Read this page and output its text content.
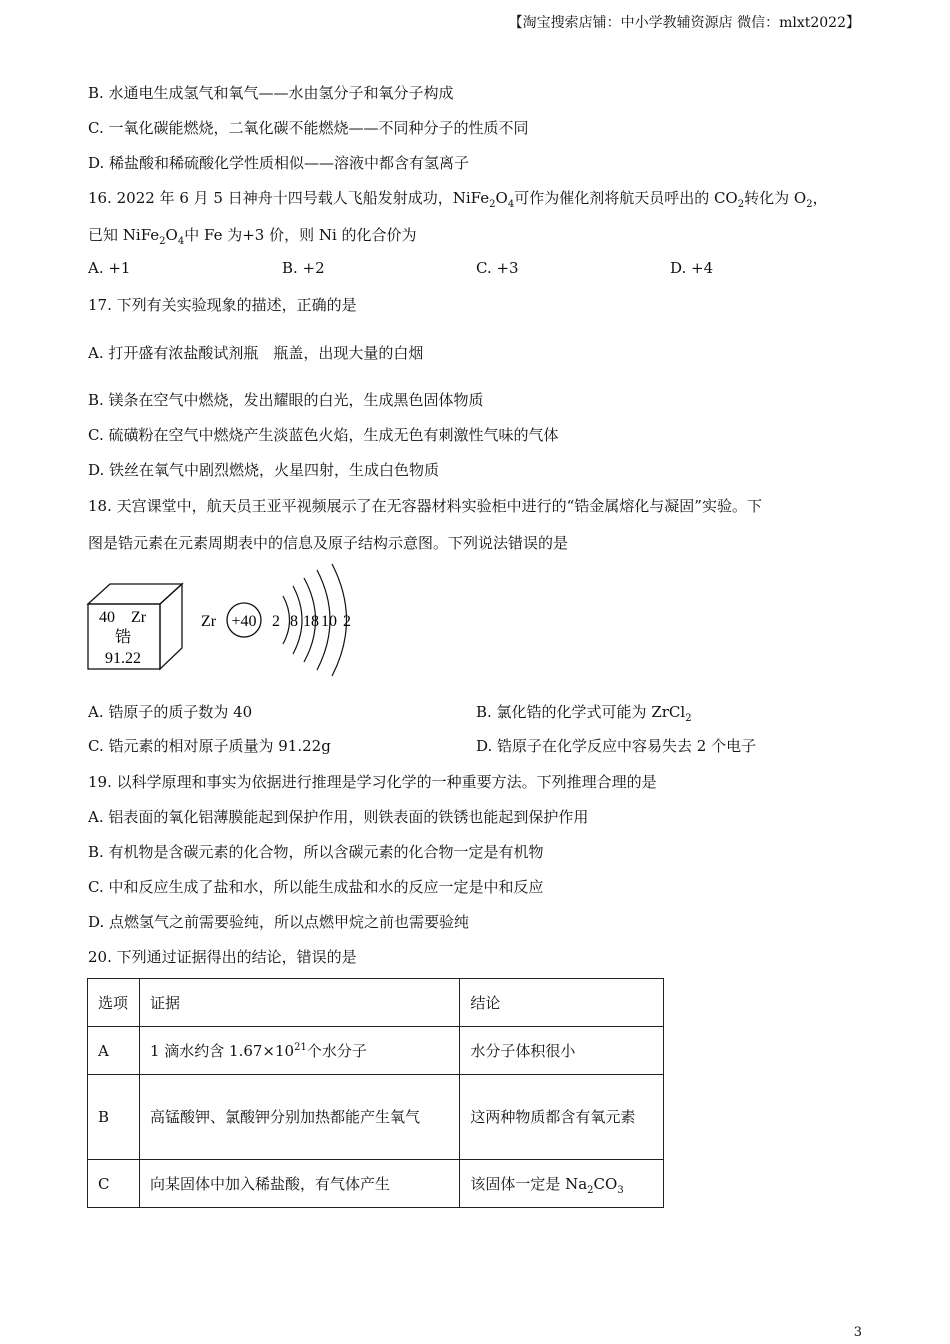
【淘宝搜索店铺：中小学教辅资源店 微信：mlxt2022】
B. 水通电生成氢气和氧气——水由氢分子和氧分子构成
C. 一氧化碳能燃烧，二氧化碳不能燃烧——不同种分子的性质不同
D. 稀盐酸和稀硫酸化学性质相似——溶液中都含有氢离子
16. 2022 年 6 月 5 日神舟十四号载人飞船发射成功，$NiFe_2O_4$可作为催化剂将航天员呼出的 $CO_2$转化为 $O_2$，
已知 $NiFe_2O_4$中 Fe 为+3 价，则 Ni 的化合价为
A. +1	B. +2	C. +3	D. +4
17. 下列有关实验现象的描述，正确的是
A. 打开盛有浓盐酸试剂瓶　瓶盖，出现大量的白烟
B. 镁条在空气中燃烧，发出耀眼的白光，生成黑色固体物质
C. 硫磺粉在空气中燃烧产生淡蓝色火焰，生成无色有刺激性气味的气体
D. 铁丝在氧气中剧烈燃烧，火星四射，生成白色物质
18. 天宫课堂中，航天员王亚平视频展示了在无容器材料实验柜中进行的“锆金属熔化与凝固”实验。下
图是锆元素在元素周期表中的信息及原子结构示意图。下列说法错误的是
40 Zr
锆
91.22
Zr +40 2 8 18 10 2
A. 锆原子的质子数为 40	B. 氯化锆的化学式可能为 ZrCl$_2$
C. 锆元素的相对原子质量为 91.22g	D. 锆原子在化学反应中容易失去 2 个电子
19. 以科学原理和事实为依据进行推理是学习化学的一种重要方法。下列推理合理的是
A. 铝表面的氧化铝薄膜能起到保护作用，则铁表面的铁锈也能起到保护作用
B. 有机物是含碳元素的化合物，所以含碳元素的化合物一定是有机物
C. 中和反应生成了盐和水，所以能生成盐和水的反应一定是中和反应
D. 点燃氢气之前需要验纯，所以点燃甲烷之前也需要验纯
20. 下列通过证据得出的结论，错误的是
选项	证据	结论
A	1 滴水约含 $1.67\times 10^{21}$个水分子	水分子体积很小
B	高锰酸钾、氯酸钾分别加热都能产生氧气	这两种物质都含有氧元素
C	向某固体中加入稀盐酸，有气体产生	该固体一定是 $Na_2CO_3$
3
